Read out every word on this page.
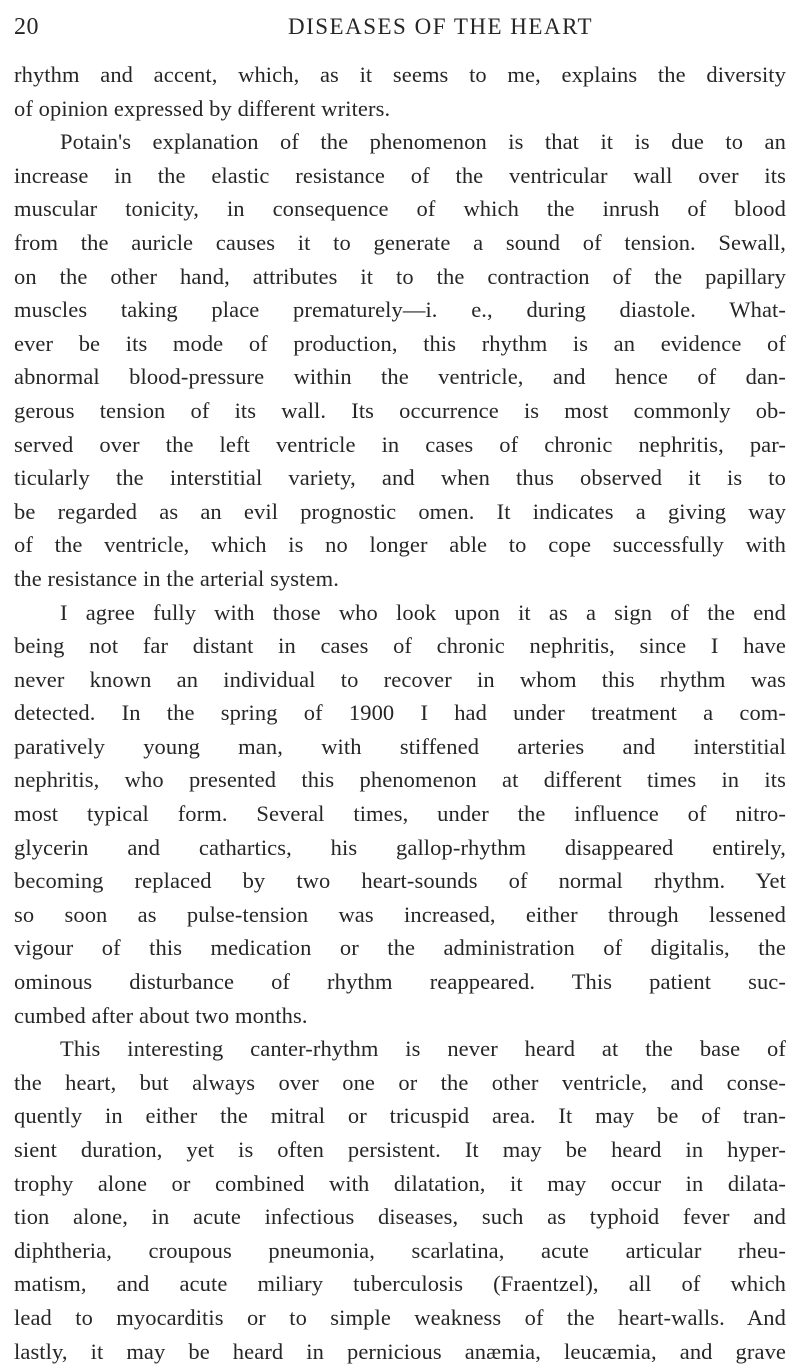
20	DISEASES OF THE HEART
rhythm and accent, which, as it seems to me, explains the diversity
of opinion expressed by different writers.
Potain's explanation of the phenomenon is that it is due to an
increase in the elastic resistance of the ventricular wall over its
muscular tonicity, in consequence of which the inrush of blood
from the auricle causes it to generate a sound of tension. Sewall,
on the other hand, attributes it to the contraction of the papillary
muscles taking place prematurely—i. e., during diastole. What-
ever be its mode of production, this rhythm is an evidence of
abnormal blood-pressure within the ventricle, and hence of dan-
gerous tension of its wall. Its occurrence is most commonly ob-
served over the left ventricle in cases of chronic nephritis, par-
ticularly the interstitial variety, and when thus observed it is to
be regarded as an evil prognostic omen. It indicates a giving way
of the ventricle, which is no longer able to cope successfully with
the resistance in the arterial system.
I agree fully with those who look upon it as a sign of the end
being not far distant in cases of chronic nephritis, since I have
never known an individual to recover in whom this rhythm was
detected. In the spring of 1900 I had under treatment a com-
paratively young man, with stiffened arteries and interstitial
nephritis, who presented this phenomenon at different times in its
most typical form. Several times, under the influence of nitro-
glycerin and cathartics, his gallop-rhythm disappeared entirely,
becoming replaced by two heart-sounds of normal rhythm. Yet
so soon as pulse-tension was increased, either through lessened
vigour of this medication or the administration of digitalis, the
ominous disturbance of rhythm reappeared. This patient suc-
cumbed after about two months.
This interesting canter-rhythm is never heard at the base of
the heart, but always over one or the other ventricle, and conse-
quently in either the mitral or tricuspid area. It may be of tran-
sient duration, yet is often persistent. It may be heard in hyper-
trophy alone or combined with dilatation, it may occur in dilata-
tion alone, in acute infectious diseases, such as typhoid fever and
diphtheria, croupous pneumonia, scarlatina, acute articular rheu-
matism, and acute miliary tuberculosis (Fraentzel), all of which
lead to myocarditis or to simple weakness of the heart-walls. And
lastly, it may be heard in pernicious anæmia, leucæmia, and grave
